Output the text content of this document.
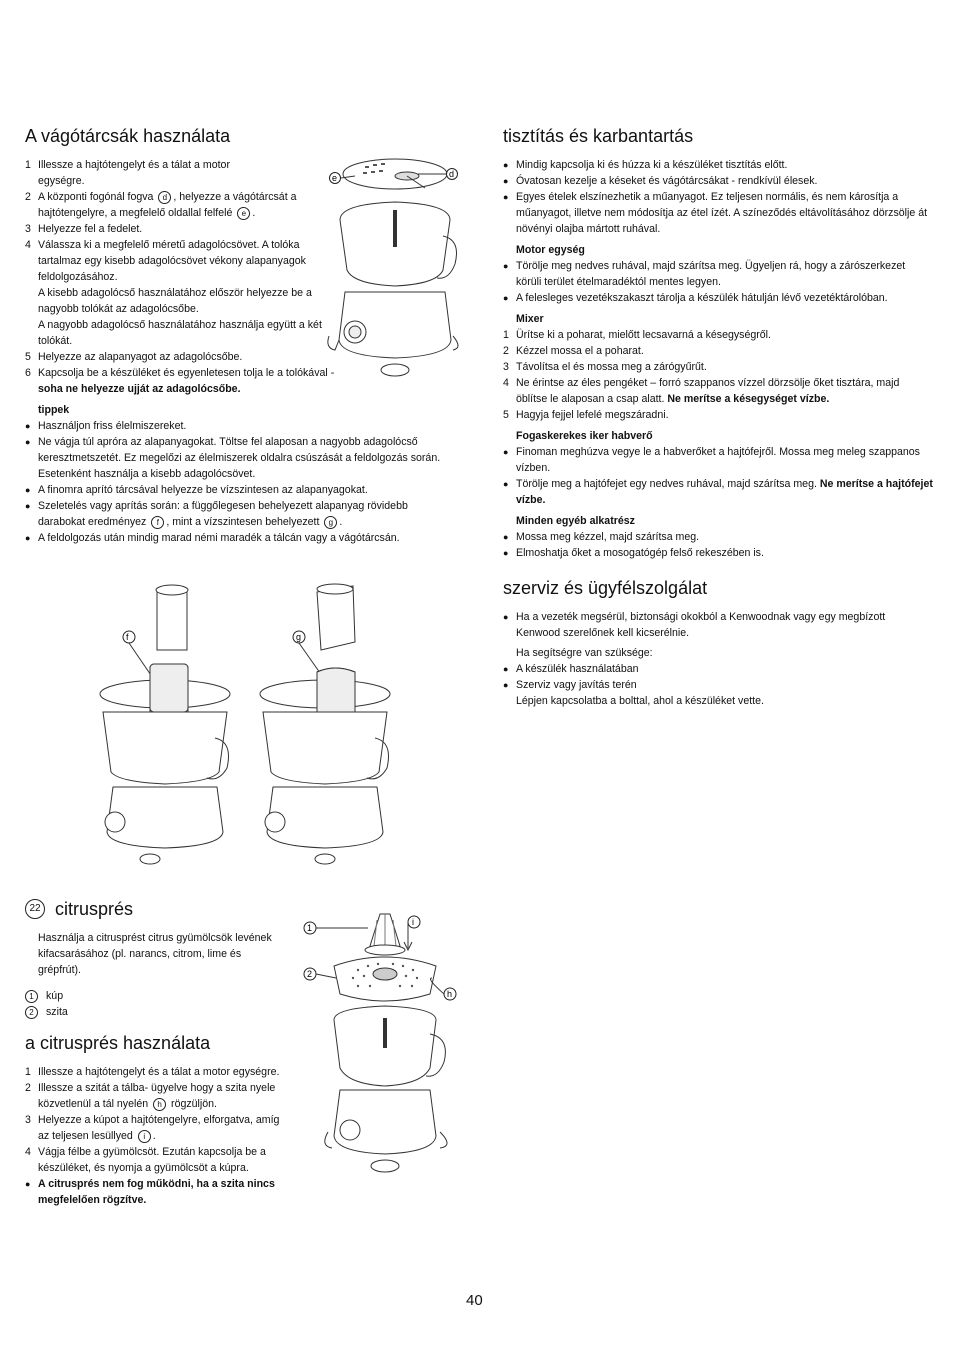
A vágótárcsák használata
1 Illessze a hajtótengelyt és a tálat a motor egységre.
2 A központi fogónál fogva d , helyezze a vágótárcsát a hajtótengelyre, a megfelelő oldallal felfelé e .
3 Helyezze fel a fedelet.
4 Válassza ki a megfelelő méretű adagolócsövet. A tolóka tartalmaz egy kisebb adagolócsövet vékony alapanyagok feldolgozásához.
A kisebb adagolócső használatához először helyezze be a nagyobb tolókát az adagolócsőbe.
A nagyobb adagolócső használatához használja együtt a két tolókát.
5 Helyezze az alapanyagot az adagolócsőbe.
6 Kapcsolja be a készüléket és egyenletesen tolja le a tolókával - soha ne helyezze ujját az adagolócsőbe.
tippek
● Használjon friss élelmiszereket.
● Ne vágja túl apróra az alapanyagokat. Töltse fel alaposan a nagyobb adagolócső keresztmetszetét. Ez megelőzi az élelmiszerek oldalra csúszását a feldolgozás során. Esetenként használja a kisebb adagolócsövet.
● A finomra aprító tárcsával helyezze be vízszintesen az alapanyagokat.
● Szeletelés vagy aprítás során: a függőlegesen behelyezett alapanyag rövidebb darabokat eredményez f , mint a vízszintesen behelyezett g .
● A feldolgozás után mindig marad némi maradék a tálcán vagy a vágótárcsán.
e	d
f	g
22 citrusprés
Használja a citrusprést citrus gyümölcsök levének kifacsarásához (pl. narancs, citrom, lime és grépfrút).
1 kúp
2 szita
a citrusprés használata
1 Illessze a hajtótengelyt és a tálat a motor egységre.
2 Illessze a szitát a tálba- ügyelve hogy a szita nyele közvetlenül a tál nyelén h rögzüljön.
3 Helyezze a kúpot a hajtótengelyre, elforgatva, amíg az teljesen lesüllyed i .
4 Vágja félbe a gyümölcsöt. Ezután kapcsolja be a készüléket, és nyomja a gyümölcsöt a kúpra.
● A citrusprés nem fog működni, ha a szita nincs megfelelően rögzítve.
1
i
2
h
tisztítás és karbantartás
● Mindig kapcsolja ki és húzza ki a készüléket tisztítás előtt.
● Óvatosan kezelje a késeket és vágótárcsákat - rendkívül élesek.
● Egyes ételek elszínezhetik a műanyagot. Ez teljesen normális, és nem károsítja a műanyagot, illetve nem módosítja az étel ízét. A színeződés eltávolításához dörzsölje át növényi olajba mártott ruhával.
Motor egység
● Törölje meg nedves ruhával, majd szárítsa meg. Ügyeljen rá, hogy a zárószerkezet körüli terület ételmaradéktól mentes legyen.
● A felesleges vezetékszakaszt tárolja a készülék hátulján lévő vezetéktárolóban.
Mixer
1 Ürítse ki a poharat, mielőtt lecsavarná a késegységről.
2 Kézzel mossa el a poharat.
3 Távolítsa el és mossa meg a zárógyűrűt.
4 Ne érintse az éles pengéket – forró szappanos vízzel dörzsölje őket tisztára, majd öblítse le alaposan a csap alatt. Ne merítse a késegységet vízbe.
5 Hagyja fejjel lefelé megszáradni.
Fogaskerekes iker habverő
● Finoman meghúzva vegye le a habverőket a hajtófejről. Mossa meg meleg szappanos vízben.
● Törölje meg a hajtófejet egy nedves ruhával, majd szárítsa meg. Ne merítse a hajtófejet vízbe.
Minden egyéb alkatrész
● Mossa meg kézzel, majd szárítsa meg.
● Elmoshatja őket a mosogatógép felső rekeszében is.
szerviz és ügyfélszolgálat
● Ha a vezeték megsérül, biztonsági okokból a Kenwoodnak vagy egy megbízott Kenwood szerelőnek kell kicserélnie.
Ha segítségre van szüksége:
● A készülék használatában
● Szerviz vagy javítás terén
Lépjen kapcsolatba a bolttal, ahol a készüléket vette.
40
